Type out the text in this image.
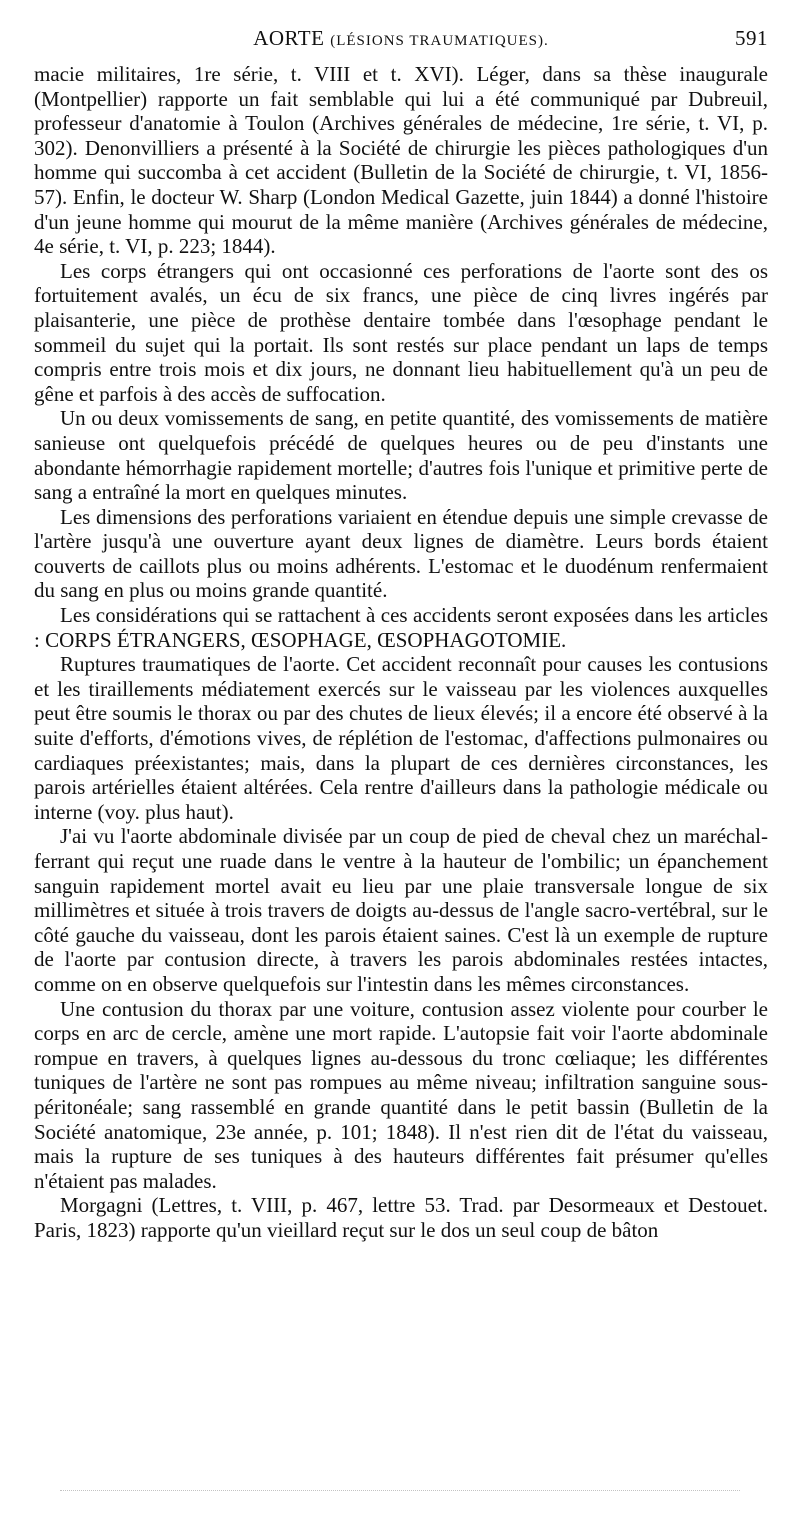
AORTE (LÉSIONS TRAUMATIQUES).	591

macie militaires, 1re série, t. VIII et t. XVI). Léger, dans sa thèse inaugurale (Montpellier) rapporte un fait semblable qui lui a été communiqué par Dubreuil, professeur d'anatomie à Toulon (Archives générales de médecine, 1re série, t. VI, p. 302). Denonvilliers a présenté à la Société de chirurgie les pièces pathologiques d'un homme qui succomba à cet accident (Bulletin de la Société de chirurgie, t. VI, 1856-57). Enfin, le docteur W. Sharp (London Medical Gazette, juin 1844) a donné l'histoire d'un jeune homme qui mourut de la même manière (Archives générales de médecine, 4e série, t. VI, p. 223; 1844).

Les corps étrangers qui ont occasionné ces perforations de l'aorte sont des os fortuitement avalés, un écu de six francs, une pièce de cinq livres ingérés par plaisanterie, une pièce de prothèse dentaire tombée dans l'œsophage pendant le sommeil du sujet qui la portait. Ils sont restés sur place pendant un laps de temps compris entre trois mois et dix jours, ne donnant lieu habituellement qu'à un peu de gêne et parfois à des accès de suffocation.

Un ou deux vomissements de sang, en petite quantité, des vomissements de matière sanieuse ont quelquefois précédé de quelques heures ou de peu d'instants une abondante hémorrhagie rapidement mortelle; d'autres fois l'unique et primitive perte de sang a entraîné la mort en quelques minutes.

Les dimensions des perforations variaient en étendue depuis une simple crevasse de l'artère jusqu'à une ouverture ayant deux lignes de diamètre. Leurs bords étaient couverts de caillots plus ou moins adhérents. L'estomac et le duodénum renfermaient du sang en plus ou moins grande quantité.

Les considérations qui se rattachent à ces accidents seront exposées dans les articles : CORPS ÉTRANGERS, ŒSOPHAGE, ŒSOPHAGOTOMIE.

Ruptures traumatiques de l'aorte. Cet accident reconnaît pour causes les contusions et les tiraillements médiatement exercés sur le vaisseau par les violences auxquelles peut être soumis le thorax ou par des chutes de lieux élevés; il a encore été observé à la suite d'efforts, d'émotions vives, de réplétion de l'estomac, d'affections pulmonaires ou cardiaques préexistantes; mais, dans la plupart de ces dernières circonstances, les parois artérielles étaient altérées. Cela rentre d'ailleurs dans la pathologie médicale ou interne (voy. plus haut).

J'ai vu l'aorte abdominale divisée par un coup de pied de cheval chez un maréchal-ferrant qui reçut une ruade dans le ventre à la hauteur de l'ombilic; un épanchement sanguin rapidement mortel avait eu lieu par une plaie transversale longue de six millimètres et située à trois travers de doigts au-dessus de l'angle sacro-vertébral, sur le côté gauche du vaisseau, dont les parois étaient saines. C'est là un exemple de rupture de l'aorte par contusion directe, à travers les parois abdominales restées intactes, comme on en observe quelquefois sur l'intestin dans les mêmes circonstances.

Une contusion du thorax par une voiture, contusion assez violente pour courber le corps en arc de cercle, amène une mort rapide. L'autopsie fait voir l'aorte abdominale rompue en travers, à quelques lignes au-dessous du tronc cœliaque; les différentes tuniques de l'artère ne sont pas rompues au même niveau; infiltration sanguine sous-péritonéale; sang rassemblé en grande quantité dans le petit bassin (Bulletin de la Société anatomique, 23e année, p. 101; 1848). Il n'est rien dit de l'état du vaisseau, mais la rupture de ses tuniques à des hauteurs différentes fait présumer qu'elles n'étaient pas malades.

Morgagni (Lettres, t. VIII, p. 467, lettre 53. Trad. par Desormeaux et Destouet. Paris, 1823) rapporte qu'un vieillard reçut sur le dos un seul coup de bâton
